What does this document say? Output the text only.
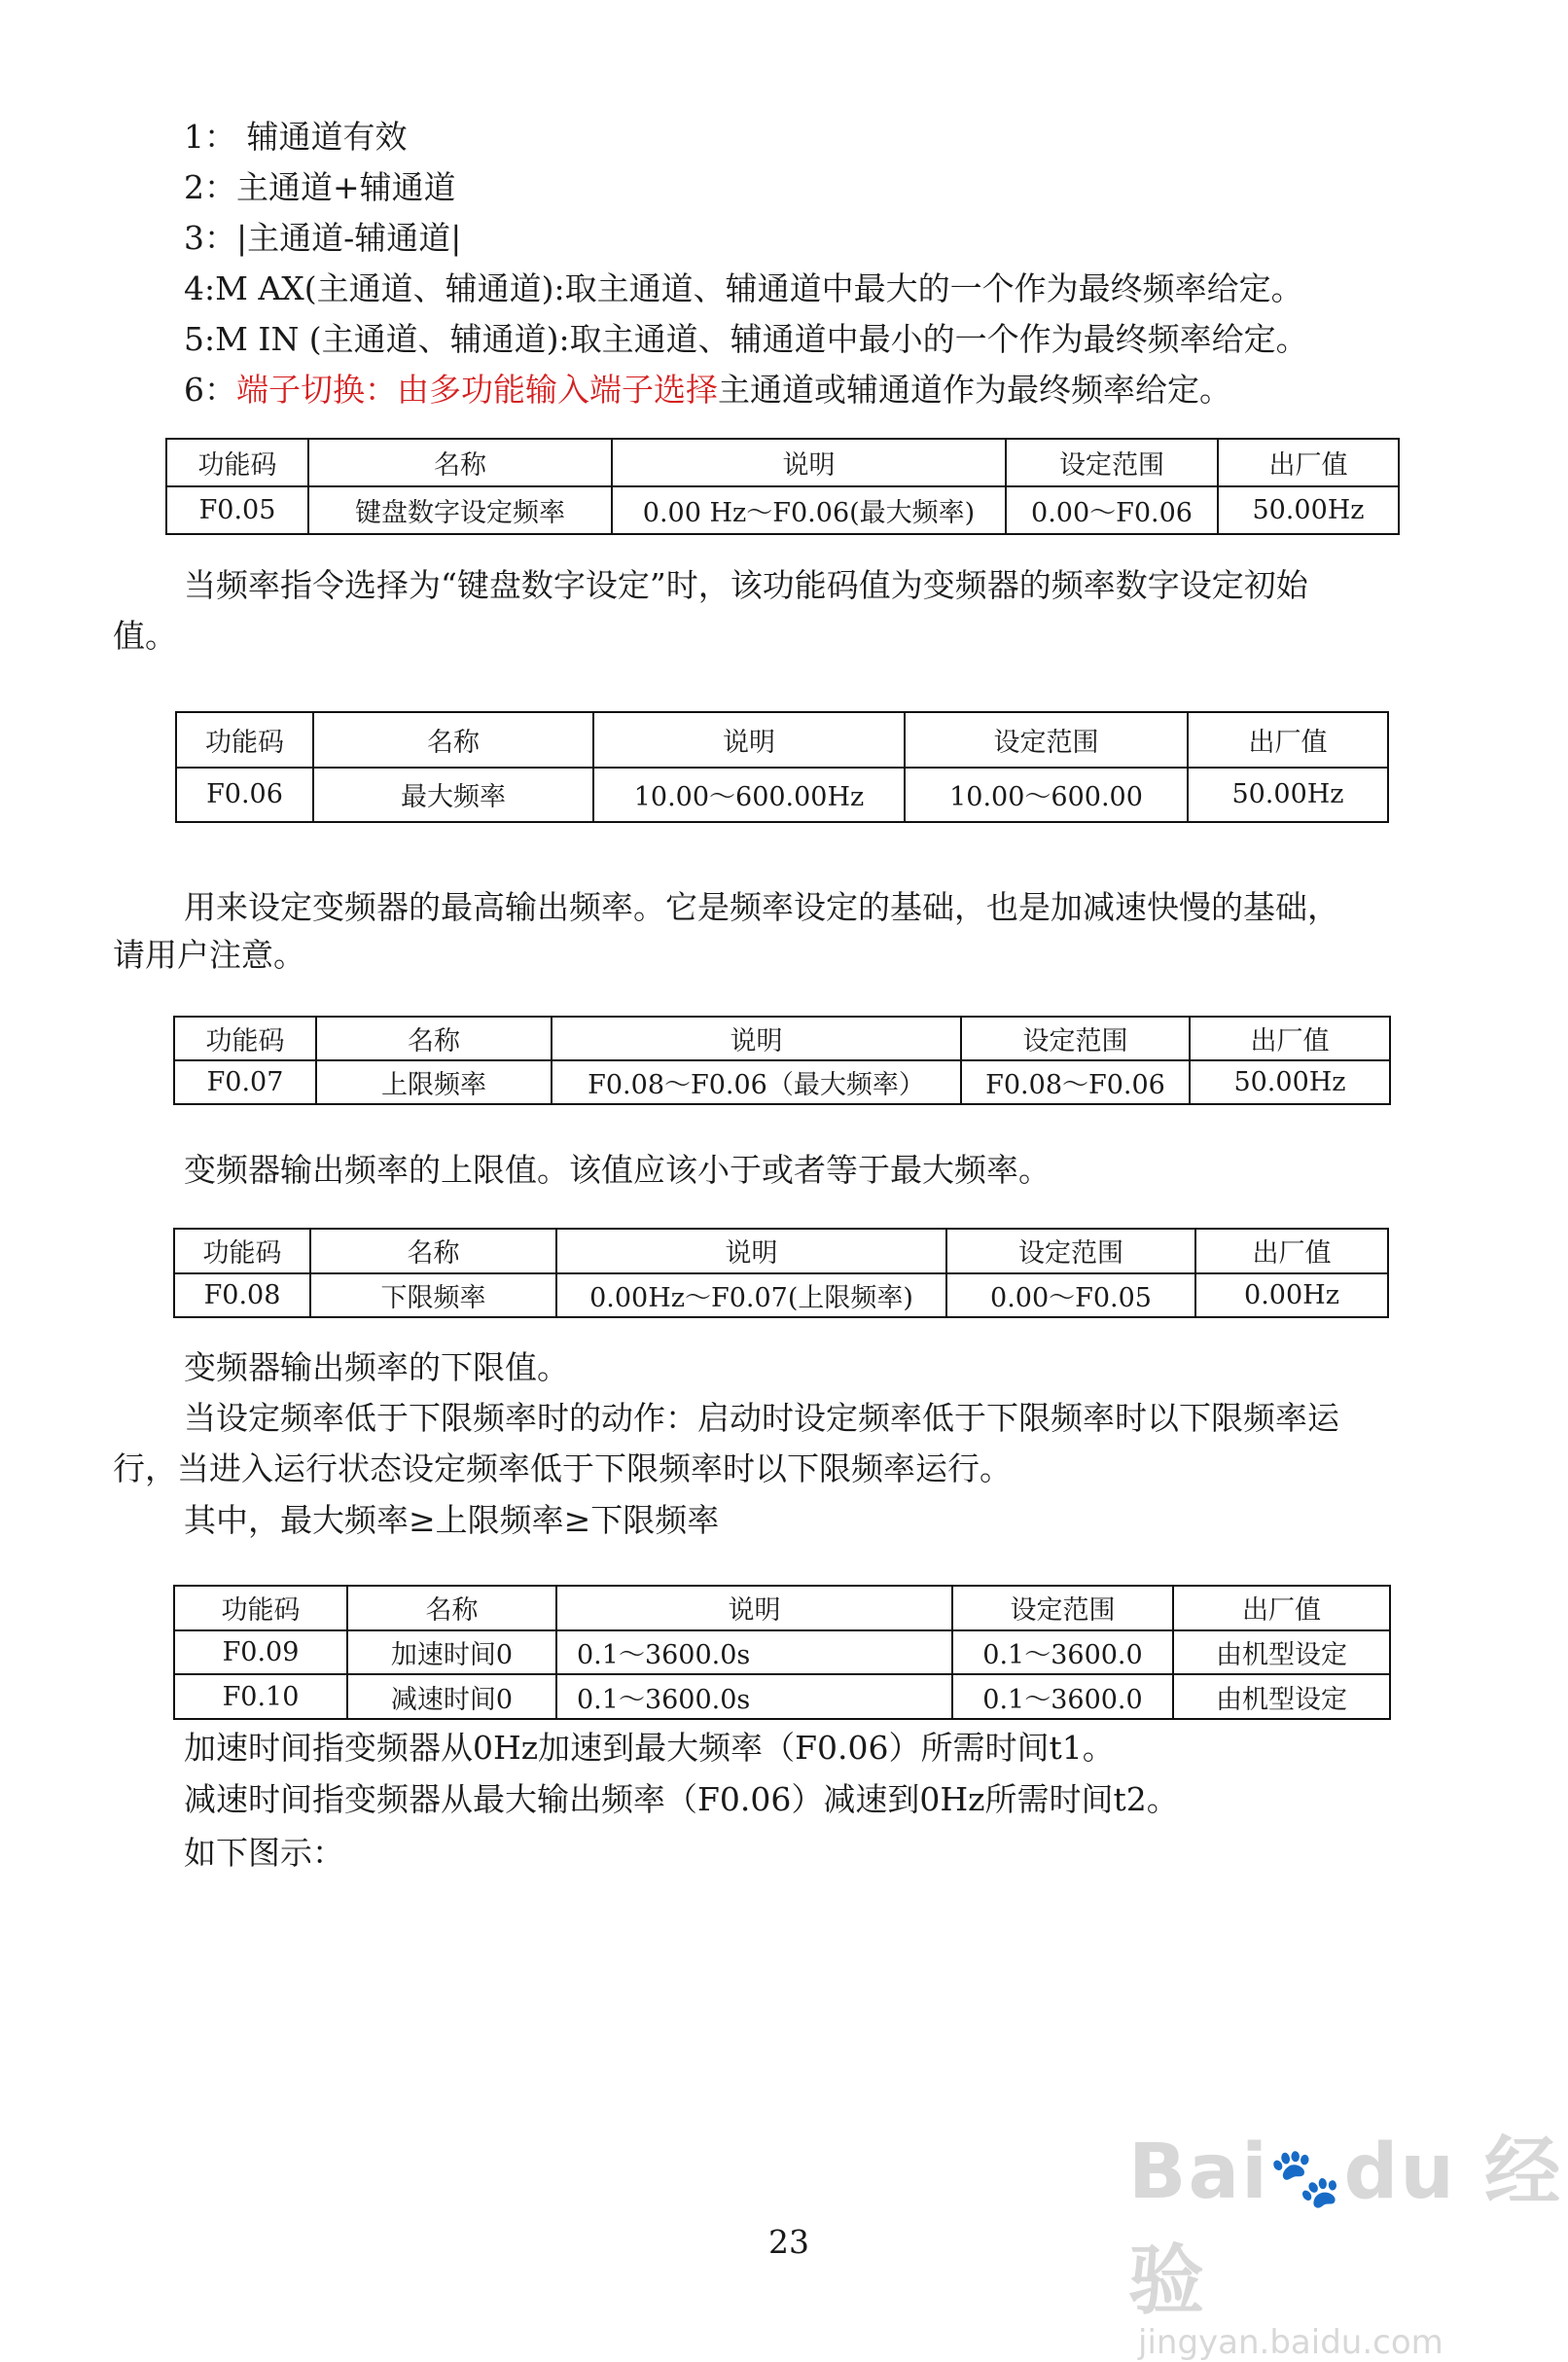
1： 辅通道有效
2：主通道+辅通道
3：|主通道-辅通道|
4:M AX(主通道、辅通道):取主通道、辅通道中最大的一个作为最终频率给定。
5:M IN (主通道、辅通道):取主通道、辅通道中最小的一个作为最终频率给定。
6：端子切换：由多功能输入端子选择主通道或辅通道作为最终频率给定。
功能码	名称	说明	设定范围	出厂值
F0.05	键盘数字设定频率	0.00 Hz～F0.06(最大频率)	0.00～F0.06	50.00Hz
当频率指令选择为“键盘数字设定”时，该功能码值为变频器的频率数字设定初始
值。
功能码	名称	说明	设定范围	出厂值
F0.06	最大频率	10.00～600.00Hz	10.00～600.00	50.00Hz
用来设定变频器的最高输出频率。它是频率设定的基础，也是加减速快慢的基础，
请用户注意。
功能码	名称	说明	设定范围	出厂值
F0.07	上限频率	F0.08～F0.06（最大频率）	F0.08～F0.06	50.00Hz
变频器输出频率的上限值。该值应该小于或者等于最大频率。
功能码	名称	说明	设定范围	出厂值
F0.08	下限频率	0.00Hz～F0.07(上限频率)	0.00～F0.05	0.00Hz
变频器输出频率的下限值。
当设定频率低于下限频率时的动作：启动时设定频率低于下限频率时以下限频率运
行，当进入运行状态设定频率低于下限频率时以下限频率运行。
其中，最大频率≥上限频率≥下限频率
功能码	名称	说明	设定范围	出厂值
F0.09	加速时间0	0.1～3600.0s	0.1～3600.0	由机型设定
F0.10	减速时间0	0.1～3600.0s	0.1～3600.0	由机型设定
加速时间指变频器从0Hz加速到最大频率（F0.06）所需时间t1。
减速时间指变频器从最大输出频率（F0.06）减速到0Hz所需时间t2。
如下图示：
23
Bai🐾du 经验
jingyan.baidu.com
